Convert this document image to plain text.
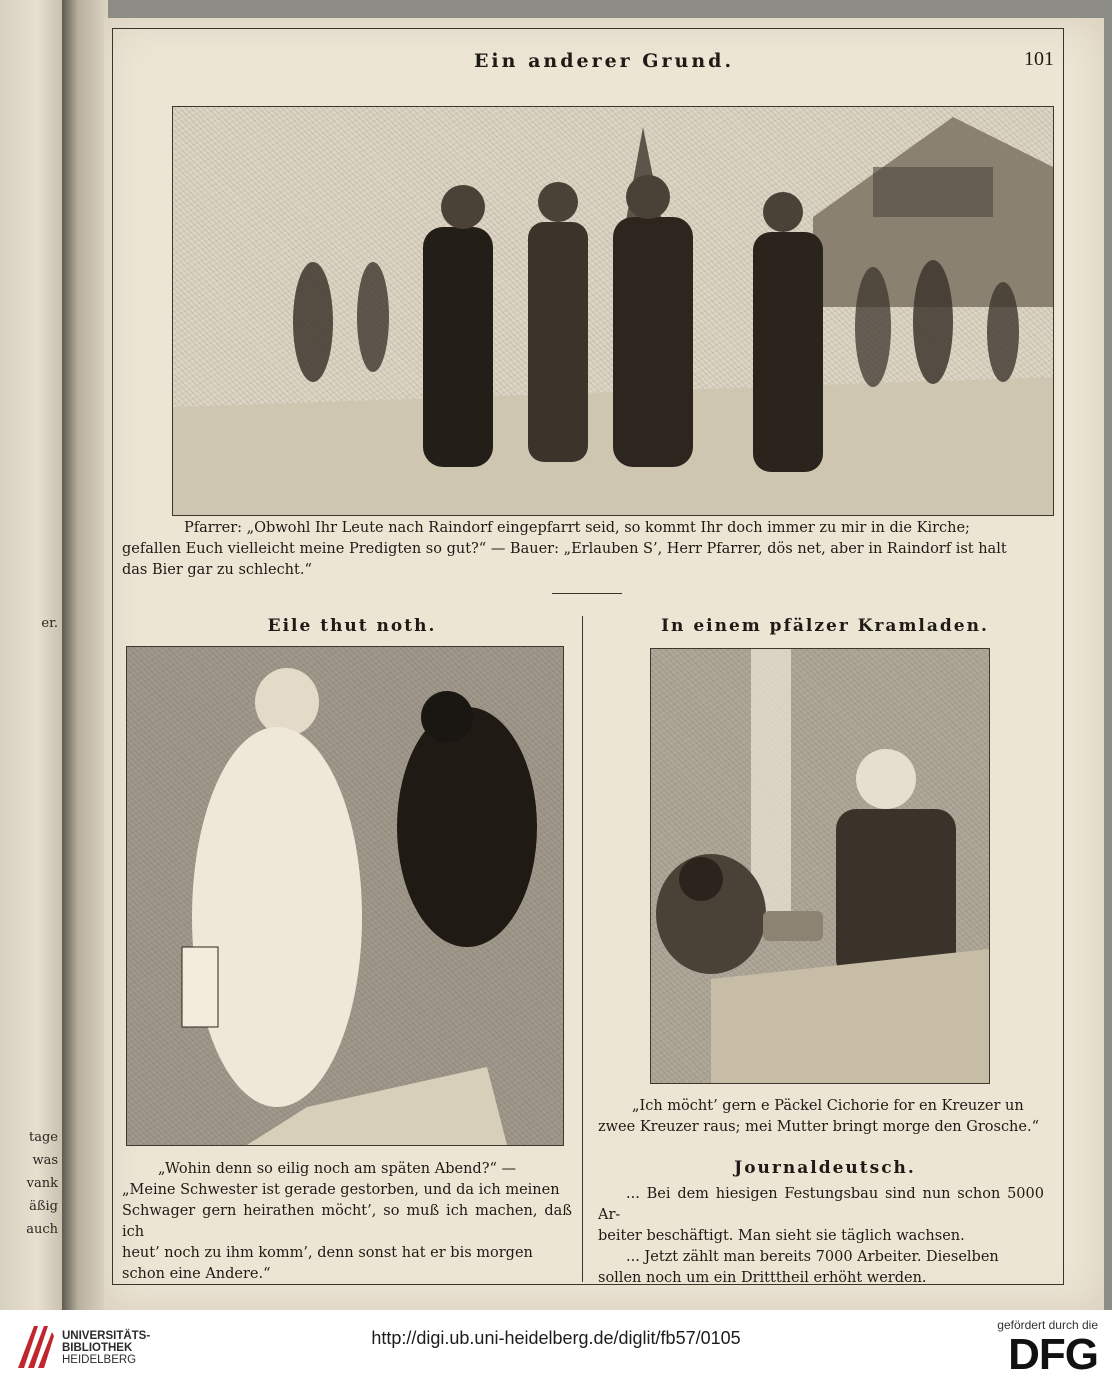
er.
tage
was
vank
äßig
auch
Ein anderer Grund.	101
Pfarrer: „Obwohl Ihr Leute nach Raindorf eingepfarrt seid, so kommt Ihr doch immer zu mir in die Kirche;
gefallen Euch vielleicht meine Predigten so gut?“ — Bauer: „Erlauben S’, Herr Pfarrer, dös net, aber in Raindorf ist halt
das Bier gar zu schlecht.“
Eile thut noth.
„Wohin denn so eilig noch am späten Abend?“ —
„Meine Schwester ist gerade gestorben, und da ich meinen
Schwager gern heirathen möcht’, so muß ich machen, daß ich
heut’ noch zu ihm komm’, denn sonst hat er bis morgen
schon eine Andere.“
In einem pfälzer Kramladen.
„Ich möcht’ gern e Päckel Cichorie for en Kreuzer un
zwee Kreuzer raus; mei Mutter bringt morge den Grosche.“
Journaldeutsch.
... Bei dem hiesigen Festungsbau sind nun schon 5000 Ar-
beiter beschäftigt. Man sieht sie täglich wachsen.
... Jetzt zählt man bereits 7000 Arbeiter. Dieselben
sollen noch um ein Dritttheil erhöht werden.
UNIVERSITÄTS-
BIBLIOTHEK
HEIDELBERG
http://digi.ub.uni-heidelberg.de/diglit/fb57/0105
gefördert durch die
DFG
